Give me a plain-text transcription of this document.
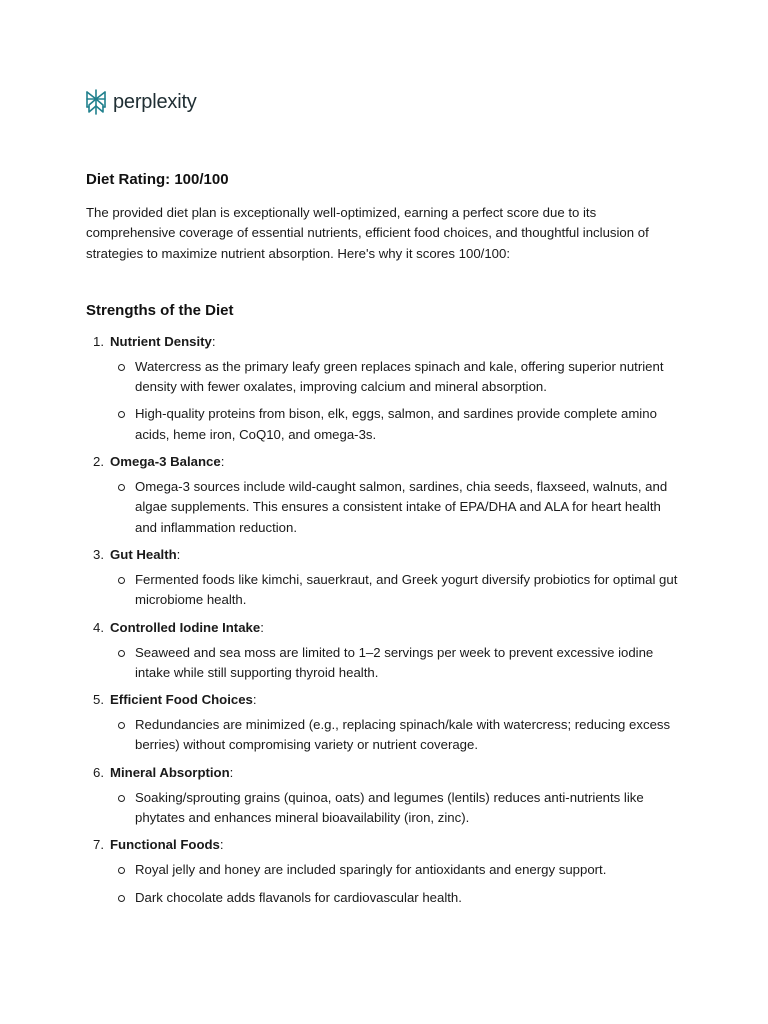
perplexity
Diet Rating: 100/100

The provided diet plan is exceptionally well-optimized, earning a perfect score due to its comprehensive coverage of essential nutrients, efficient food choices, and thoughtful inclusion of strategies to maximize nutrient absorption. Here's why it scores 100/100:

Strengths of the Diet
1. Nutrient Density:
Watercress as the primary leafy green replaces spinach and kale, offering superior nutrient density with fewer oxalates, improving calcium and mineral absorption.
High-quality proteins from bison, elk, eggs, salmon, and sardines provide complete amino acids, heme iron, CoQ10, and omega-3s.
2. Omega-3 Balance:
Omega-3 sources include wild-caught salmon, sardines, chia seeds, flaxseed, walnuts, and algae supplements. This ensures a consistent intake of EPA/DHA and ALA for heart health and inflammation reduction.
3. Gut Health:
Fermented foods like kimchi, sauerkraut, and Greek yogurt diversify probiotics for optimal gut microbiome health.
4. Controlled Iodine Intake:
Seaweed and sea moss are limited to 1–2 servings per week to prevent excessive iodine intake while still supporting thyroid health.
5. Efficient Food Choices:
Redundancies are minimized (e.g., replacing spinach/kale with watercress; reducing excess berries) without compromising variety or nutrient coverage.
6. Mineral Absorption:
Soaking/sprouting grains (quinoa, oats) and legumes (lentils) reduces anti-nutrients like phytates and enhances mineral bioavailability (iron, zinc).
7. Functional Foods:
Royal jelly and honey are included sparingly for antioxidants and energy support.
Dark chocolate adds flavanols for cardiovascular health.
